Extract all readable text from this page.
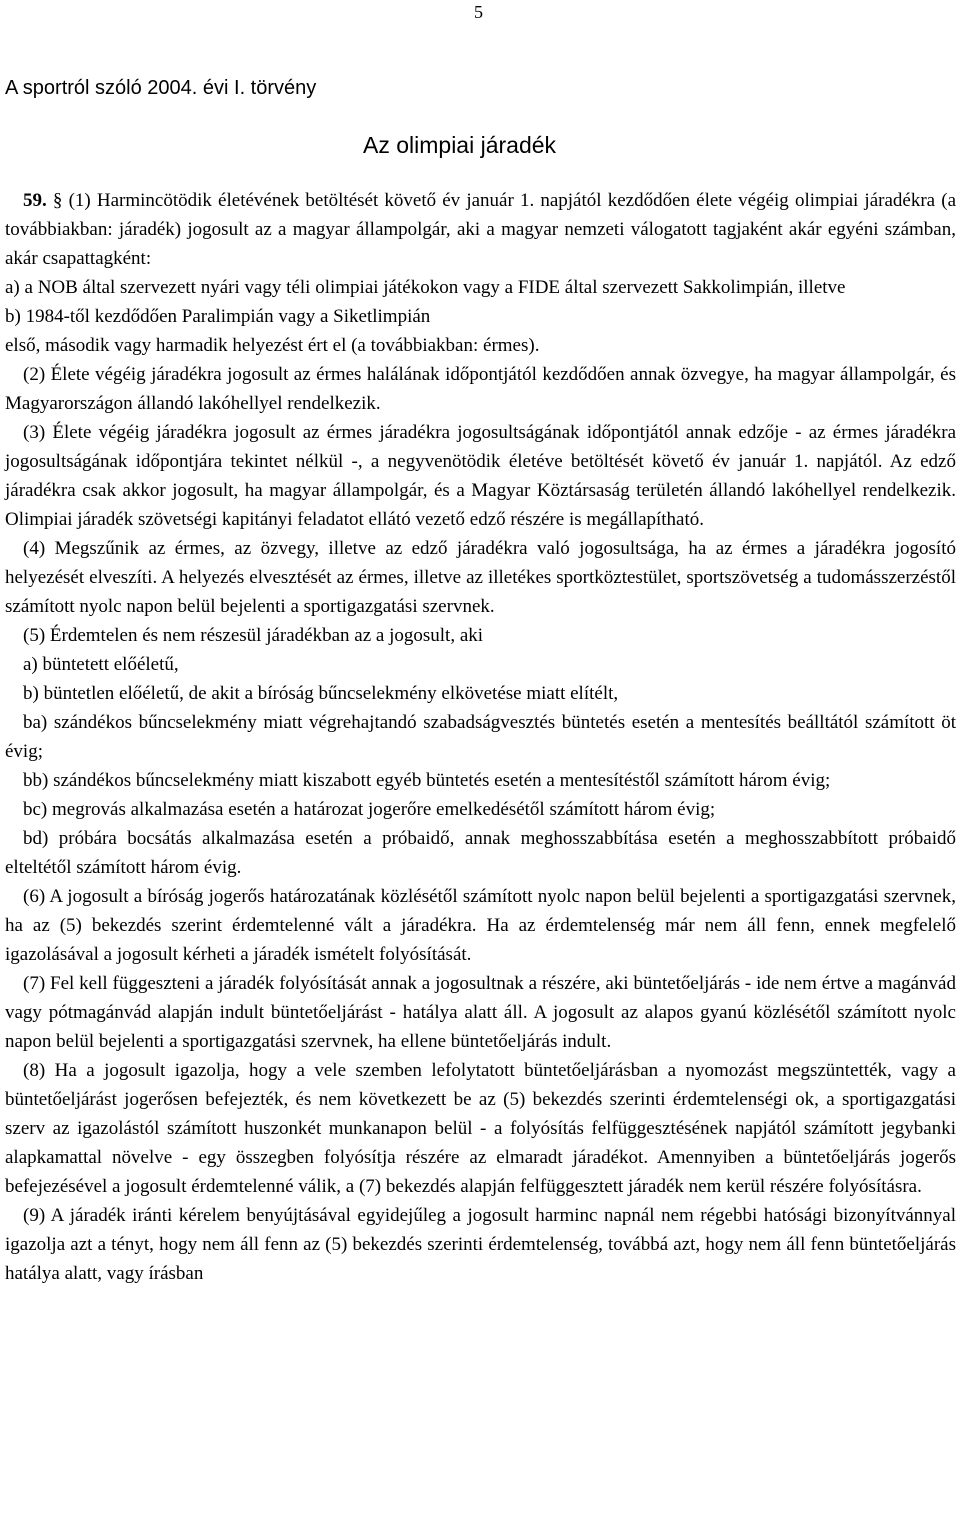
5
A sportról szóló 2004. évi I. törvény
Az olimpiai járadék

59. § (1) Harmincötödik életévének betöltését követő év január 1. napjától kezdődően élete végéig olimpiai járadékra (a továbbiakban: járadék) jogosult az a magyar állampolgár, aki a magyar nemzeti válogatott tagjaként akár egyéni számban, akár csapattagként:

a) a NOB által szervezett nyári vagy téli olimpiai játékokon vagy a FIDE által szervezett Sakkolimpián, illetve

b) 1984-től kezdődően Paralimpián vagy a Siketlimpián

első, második vagy harmadik helyezést ért el (a továbbiakban: érmes).

(2) Élete végéig járadékra jogosult az érmes halálának időpontjától kezdődően annak özvegye, ha magyar állampolgár, és Magyarországon állandó lakóhellyel rendelkezik.

(3) Élete végéig járadékra jogosult az érmes járadékra jogosultságának időpontjától annak edzője - az érmes járadékra jogosultságának időpontjára tekintet nélkül -, a negyvenötödik életéve betöltését követő év január 1. napjától. Az edző járadékra csak akkor jogosult, ha magyar állampolgár, és a Magyar Köztársaság területén állandó lakóhellyel rendelkezik. Olimpiai járadék szövetségi kapitányi feladatot ellátó vezető edző részére is megállapítható.

(4) Megszűnik az érmes, az özvegy, illetve az edző járadékra való jogosultsága, ha az érmes a járadékra jogosító helyezését elveszíti. A helyezés elvesztését az érmes, illetve az illetékes sportköztestület, sportszövetség a tudomásszerzéstől számított nyolc napon belül bejelenti a sportigazgatási szervnek.

(5) Érdemtelen és nem részesül járadékban az a jogosult, aki

a) büntetett előéletű,

b) büntetlen előéletű, de akit a bíróság bűncselekmény elkövetése miatt elítélt,

ba) szándékos bűncselekmény miatt végrehajtandó szabadságvesztés büntetés esetén a mentesítés beálltától számított öt évig;

bb) szándékos bűncselekmény miatt kiszabott egyéb büntetés esetén a mentesítéstől számított három évig;

bc) megrovás alkalmazása esetén a határozat jogerőre emelkedésétől számított három évig;

bd) próbára bocsátás alkalmazása esetén a próbaidő, annak meghosszabbítása esetén a meghosszabbított próbaidő elteltétől számított három évig.

(6) A jogosult a bíróság jogerős határozatának közlésétől számított nyolc napon belül bejelenti a sportigazgatási szervnek, ha az (5) bekezdés szerint érdemtelenné vált a járadékra. Ha az érdemtelenség már nem áll fenn, ennek megfelelő igazolásával a jogosult kérheti a járadék ismételt folyósítását.

(7) Fel kell függeszteni a járadék folyósítását annak a jogosultnak a részére, aki büntetőeljárás - ide nem értve a magánvád vagy pótmagánvád alapján indult büntetőeljárást - hatálya alatt áll. A jogosult az alapos gyanú közlésétől számított nyolc napon belül bejelenti a sportigazgatási szervnek, ha ellene büntetőeljárás indult.

(8) Ha a jogosult igazolja, hogy a vele szemben lefolytatott büntetőeljárásban a nyomozást megszüntették, vagy a büntetőeljárást jogerősen befejezték, és nem következett be az (5) bekezdés szerinti érdemtelenségi ok, a sportigazgatási szerv az igazolástól számított huszonkét munkanapon belül - a folyósítás felfüggesztésének napjától számított jegybanki alapkamattal növelve - egy összegben folyósítja részére az elmaradt járadékot. Amennyiben a büntetőeljárás jogerős befejezésével a jogosult érdemtelenné válik, a (7) bekezdés alapján felfüggesztett járadék nem kerül részére folyósításra.

(9) A járadék iránti kérelem benyújtásával egyidejűleg a jogosult harminc napnál nem régebbi hatósági bizonyítvánnyal igazolja azt a tényt, hogy nem áll fenn az (5) bekezdés szerinti érdemtelenség, továbbá azt, hogy nem áll fenn büntetőeljárás hatálya alatt, vagy írásban
